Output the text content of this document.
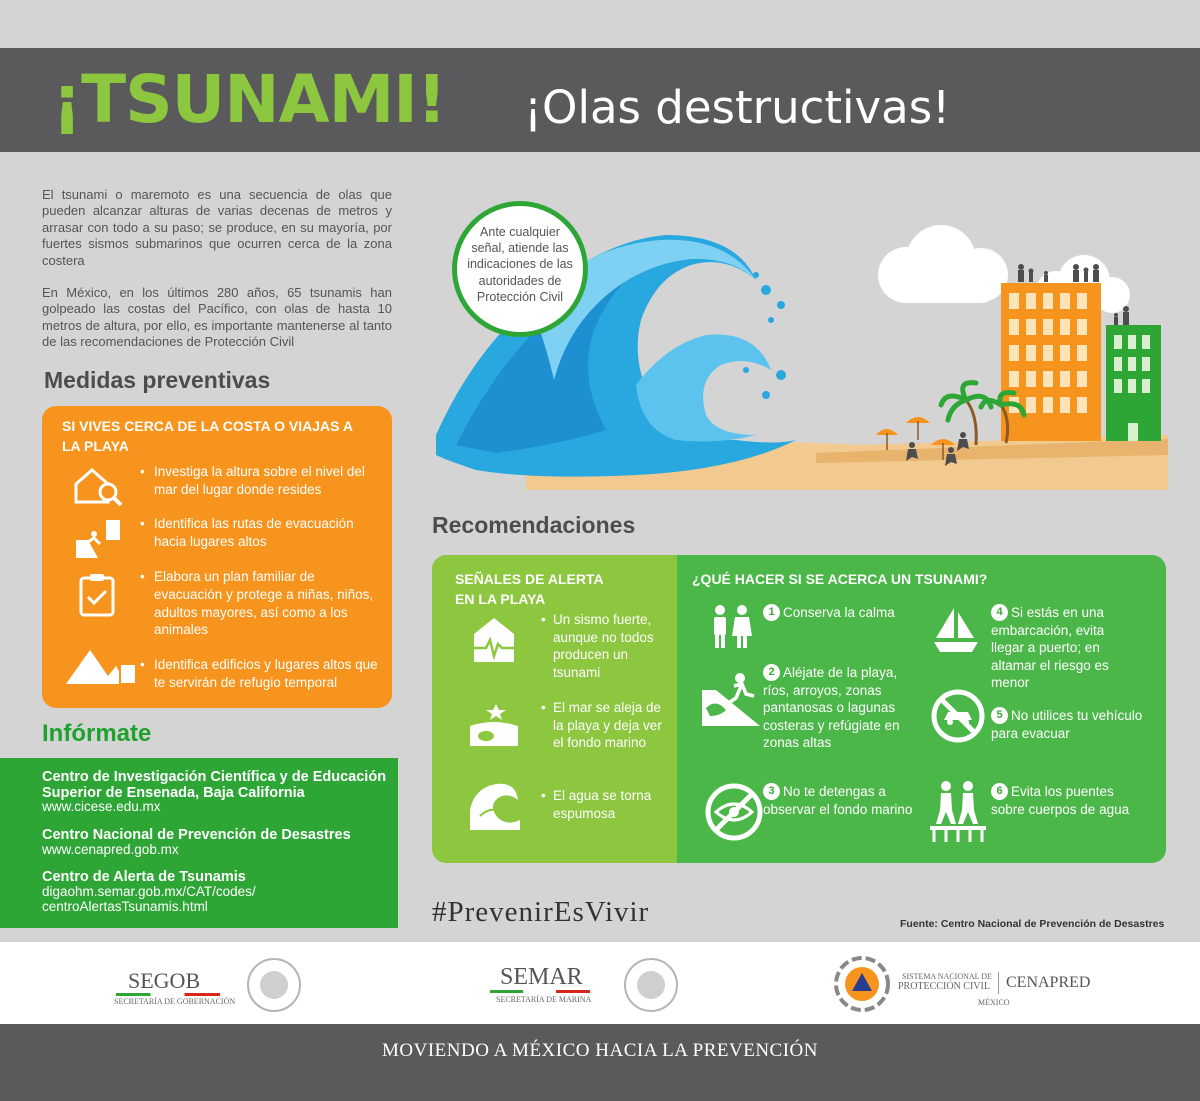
¡TSUNAMI! ¡Olas destructivas!
El tsunami o maremoto es una secuencia de olas que pueden alcanzar alturas de varias decenas de metros y arrasar con todo a su paso; se produce, en su mayoría, por fuertes sismos submarinos que ocurren cerca de la zona costera
En México, en los últimos 280 años, 65 tsunamis han golpeado las costas del Pacífico, con olas de hasta 10 metros de altura, por ello, es importante mantenerse al tanto de las recomendaciones de Protección Civil
Ante cualquier señal, atiende las indicaciones de las autoridades de Protección Civil
Medidas preventivas
SI VIVES CERCA DE LA COSTA O VIAJAS A LA PLAYA
• Investiga la altura sobre el nivel del mar del lugar donde resides
• Identifica las rutas de evacuación hacia lugares altos
• Elabora un plan familiar de evacuación y protege a niñas, niños, adultos mayores, así como a los animales
• Identifica edificios y lugares altos que te servirán de refugio temporal
Infórmate
Centro de Investigación Científica y de Educación Superior de Ensenada, Baja California
www.cicese.edu.mx
Centro Nacional de Prevención de Desastres
www.cenapred.gob.mx
Centro de Alerta de Tsunamis
digaohm.semar.gob.mx/CAT/codes/ centroAlertasTsunamis.html
Recomendaciones
SEÑALES DE ALERTA EN LA PLAYA
¿QUÉ HACER SI SE ACERCA UN TSUNAMI?
• Un sismo fuerte, aunque no todos producen un tsunami
• El mar se aleja de la playa y deja ver el fondo marino
• El agua se torna espumosa
1 Conserva la calma
2 Aléjate de la playa, ríos, arroyos, zonas pantanosas o lagunas costeras y refúgiate en zonas altas
3 No te detengas a observar el fondo marino
4 Si estás en una embarcación, evita llegar a puerto; en altamar el riesgo es menor
5 No utilices tu vehículo para evacuar
6 Evita los puentes sobre cuerpos de agua
#PrevenirEsVivir	Fuente: Centro Nacional de Prevención de Desastres
SEGOB
SECRETARÍA DE GOBERNACIÓN
SEMAR
SECRETARÍA DE MARINA
SISTEMA NACIONAL DE
PROTECCIÓN CIVIL CENAPRED
MÉXICO
MOVIENDO A MÉXICO HACIA LA PREVENCIÓN
